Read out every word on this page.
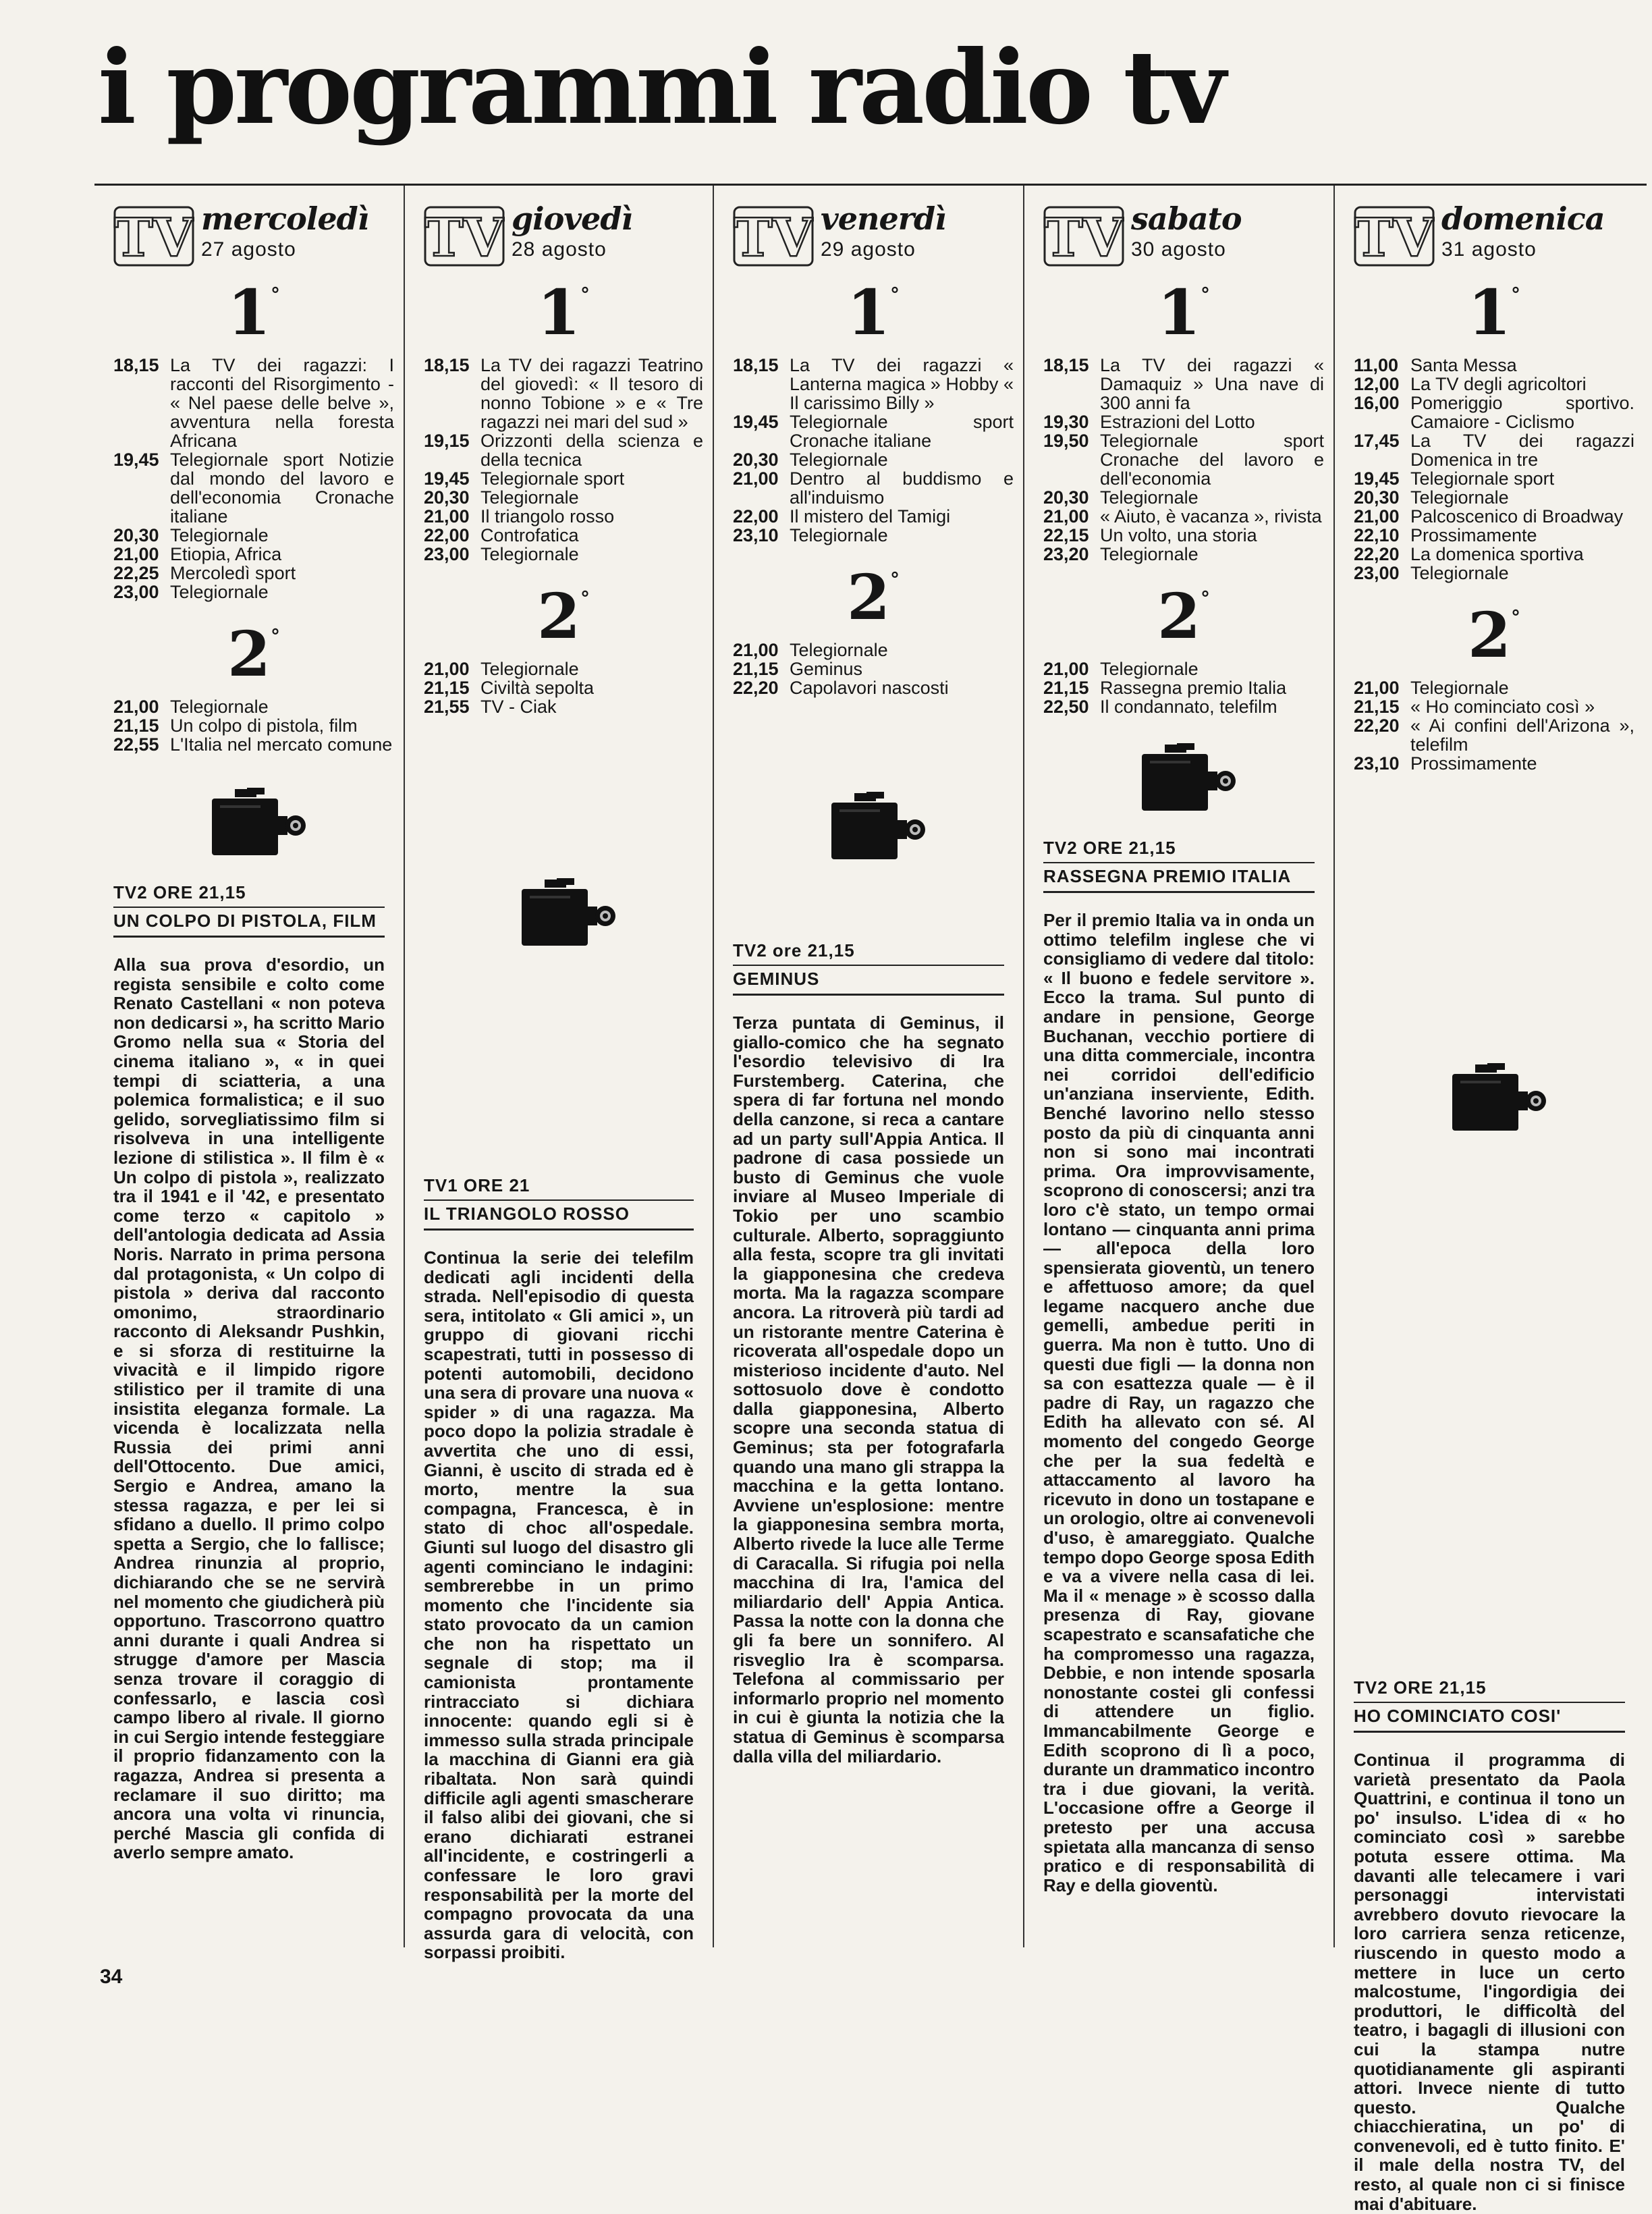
i programmi radio tv
TV mercoledì
27 agosto
1°
18,15 La TV dei ragazzi: I racconti del Risorgimento - « Nel paese delle belve », avventura nella foresta Africana
19,45 Telegiornale sport Notizie dal mondo del lavoro e dell'economia Cronache italiane
20,30 Telegiornale
21,00 Etiopia, Africa
22,25 Mercoledì sport
23,00 Telegiornale
2°
21,00 Telegiornale
21,15 Un colpo di pistola, film
22,55 L'Italia nel mercato comune
TV2 ORE 21,15
UN COLPO DI PISTOLA, FILM
Alla sua prova d'esordio, un regista sensibile e colto come Renato Castellani « non poteva non dedicarsi », ha scritto Mario Gromo nella sua « Storia del cinema italiano », « in quei tempi di sciatteria, a una polemica formalistica; e il suo gelido, sorvegliatissimo film si risolveva in una intelligente lezione di stilistica ». Il film è « Un colpo di pistola », realizzato tra il 1941 e il '42, e presentato come terzo « capitolo » dell'antologia dedicata ad Assia Noris. Narrato in prima persona dal protagonista, « Un colpo di pistola » deriva dal racconto omonimo, straordinario racconto di Aleksandr Pushkin, e si sforza di restituirne la vivacità e il limpido rigore stilistico per il tramite di una insistita eleganza formale. La vicenda è localizzata nella Russia dei primi anni dell'Ottocento. Due amici, Sergio e Andrea, amano la stessa ragazza, e per lei si sfidano a duello. Il primo colpo spetta a Sergio, che lo fallisce; Andrea rinunzia al proprio, dichiarando che se ne servirà nel momento che giudicherà più opportuno. Trascorrono quattro anni durante i quali Andrea si strugge d'amore per Mascia senza trovare il coraggio di confessarlo, e lascia così campo libero al rivale. Il giorno in cui Sergio intende festeggiare il proprio fidanzamento con la ragazza, Andrea si presenta a reclamare il suo diritto; ma ancora una volta vi rinuncia, perché Mascia gli confida di averlo sempre amato.
TV giovedì
28 agosto
1°
18,15 La TV dei ragazzi Teatrino del giovedì: « Il tesoro di nonno Tobione » e « Tre ragazzi nei mari del sud »
19,15 Orizzonti della scienza e della tecnica
19,45 Telegiornale sport
20,30 Telegiornale
21,00 Il triangolo rosso
22,00 Controfatica
23,00 Telegiornale
2°
21,00 Telegiornale
21,15 Civiltà sepolta
21,55 TV - Ciak
TV1 ORE 21
IL TRIANGOLO ROSSO
Continua la serie dei telefilm dedicati agli incidenti della strada. Nell'episodio di questa sera, intitolato « Gli amici », un gruppo di giovani ricchi scapestrati, tutti in possesso di potenti automobili, decidono una sera di provare una nuova « spider » di una ragazza. Ma poco dopo la polizia stradale è avvertita che uno di essi, Gianni, è uscito di strada ed è morto, mentre la sua compagna, Francesca, è in stato di choc all'ospedale. Giunti sul luogo del disastro gli agenti cominciano le indagini: sembrerebbe in un primo momento che l'incidente sia stato provocato da un camion che non ha rispettato un segnale di stop; ma il camionista prontamente rintracciato si dichiara innocente: quando egli si è immesso sulla strada principale la macchina di Gianni era già ribaltata. Non sarà quindi difficile agli agenti smascherare il falso alibi dei giovani, che si erano dichiarati estranei all'incidente, e costringerli a confessare le loro gravi responsabilità per la morte del compagno provocata da una assurda gara di velocità, con sorpassi proibiti.
TV venerdì
29 agosto
1°
18,15 La TV dei ragazzi « Lanterna magica » Hobby « Il carissimo Billy »
19,45 Telegiornale sport Cronache italiane
20,30 Telegiornale
21,00 Dentro al buddismo e all'induismo
22,00 Il mistero del Tamigi
23,10 Telegiornale
2°
21,00 Telegiornale
21,15 Geminus
22,20 Capolavori nascosti
TV2 ore 21,15
GEMINUS
Terza puntata di Geminus, il giallo-comico che ha segnato l'esordio televisivo di Ira Furstemberg. Caterina, che spera di far fortuna nel mondo della canzone, si reca a cantare ad un party sull'Appia Antica. Il padrone di casa possiede un busto di Geminus che vuole inviare al Museo Imperiale di Tokio per uno scambio culturale. Alberto, sopraggiunto alla festa, scopre tra gli invitati la giapponesina che credeva morta. Ma la ragazza scompare ancora. La ritroverà più tardi ad un ristorante mentre Caterina è ricoverata all'ospedale dopo un misterioso incidente d'auto. Nel sottosuolo dove è condotto dalla giapponesina, Alberto scopre una seconda statua di Geminus; sta per fotografarla quando una mano gli strappa la macchina e la getta lontano. Avviene un'esplosione: mentre la giapponesina sembra morta, Alberto rivede la luce alle Terme di Caracalla. Si rifugia poi nella macchina di Ira, l'amica del miliardario dell' Appia Antica. Passa la notte con la donna che gli fa bere un sonnifero. Al risveglio Ira è scomparsa. Telefona al commissario per informarlo proprio nel momento in cui è giunta la notizia che la statua di Geminus è scomparsa dalla villa del miliardario.
TV sabato
30 agosto
1°
18,15 La TV dei ragazzi « Damaquiz » Una nave di 300 anni fa
19,30 Estrazioni del Lotto
19,50 Telegiornale sport Cronache del lavoro e dell'economia
20,30 Telegiornale
21,00 « Aiuto, è vacanza », rivista
22,15 Un volto, una storia
23,20 Telegiornale
2°
21,00 Telegiornale
21,15 Rassegna premio Italia
22,50 Il condannato, telefilm
TV2 ORE 21,15
RASSEGNA PREMIO ITALIA
Per il premio Italia va in onda un ottimo telefilm inglese che vi consigliamo di vedere dal titolo: « Il buono e fedele servitore ». Ecco la trama. Sul punto di andare in pensione, George Buchanan, vecchio portiere di una ditta commerciale, incontra nei corridoi dell'edificio un'anziana inserviente, Edith. Benché lavorino nello stesso posto da più di cinquanta anni non si sono mai incontrati prima. Ora improvvisamente, scoprono di conoscersi; anzi tra loro c'è stato, un tempo ormai lontano — cinquanta anni prima — all'epoca della loro spensierata gioventù, un tenero e affettuoso amore; da quel legame nacquero anche due gemelli, ambedue periti in guerra. Ma non è tutto. Uno di questi due figli — la donna non sa con esattezza quale — è il padre di Ray, un ragazzo che Edith ha allevato con sé. Al momento del congedo George che per la sua fedeltà e attaccamento al lavoro ha ricevuto in dono un tostapane e un orologio, oltre ai convenevoli d'uso, è amareggiato. Qualche tempo dopo George sposa Edith e va a vivere nella casa di lei. Ma il « menage » è scosso dalla presenza di Ray, giovane scapestrato e scansafatiche che ha compromesso una ragazza, Debbie, e non intende sposarla nonostante costei gli confessi di attendere un figlio. Immancabilmente George e Edith scoprono di lì a poco, durante un drammatico incontro tra i due giovani, la verità. L'occasione offre a George il pretesto per una accusa spietata alla mancanza di senso pratico e di responsabilità di Ray e della gioventù.
TV domenica
31 agosto
1°
11,00 Santa Messa
12,00 La TV degli agricoltori
16,00 Pomeriggio sportivo. Camaiore - Ciclismo
17,45 La TV dei ragazzi Domenica in tre
19,45 Telegiornale sport
20,30 Telegiornale
21,00 Palcoscenico di Broadway
22,10 Prossimamente
22,20 La domenica sportiva
23,00 Telegiornale
2°
21,00 Telegiornale
21,15 « Ho cominciato così »
22,20 « Ai confini dell'Arizona », telefilm
23,10 Prossimamente
TV2 ORE 21,15
HO COMINCIATO COSI'
Continua il programma di varietà presentato da Paola Quattrini, e continua il tono un po' insulso. L'idea di « ho cominciato così » sarebbe potuta essere ottima. Ma davanti alle telecamere i vari personaggi intervistati avrebbero dovuto rievocare la loro carriera senza reticenze, riuscendo in questo modo a mettere in luce un certo malcostume, l'ingordigia dei produttori, le difficoltà del teatro, i bagagli di illusioni con cui la stampa nutre quotidianamente gli aspiranti attori. Invece niente di tutto questo. Qualche chiacchieratina, un po' di convenevoli, ed è tutto finito. E' il male della nostra TV, del resto, al quale non ci si finisce mai d'abituare.
34
